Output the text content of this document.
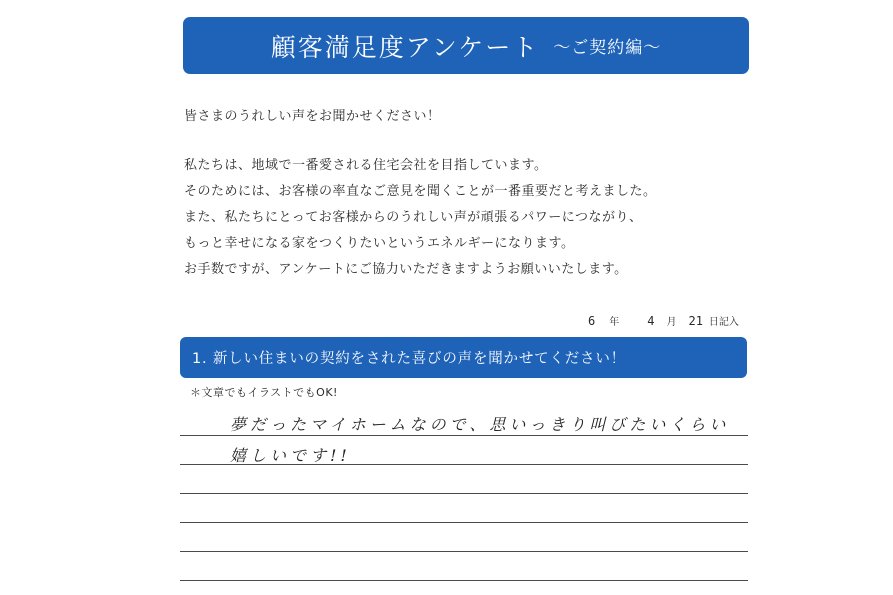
顧客満足度アンケート ～ご契約編～
皆さまのうれしい声をお聞かせください！
私たちは、地域で一番愛される住宅会社を目指しています。
そのためには、お客様の率直なご意見を聞くことが一番重要だと考えました。
また、私たちにとってお客様からのうれしい声が頑張るパワーにつながり、
もっと幸せになる家をつくりたいというエネルギーになります。
お手数ですが、アンケートにご協力いただきますようお願いいたします。
6 年 4 月 21 日記入
1. 新しい住まいの契約をされた喜びの声を聞かせてください！
＊文章でもイラストでもOK!
夢だったマイホームなので、思いっきり叫びたいくらい
嬉しいです!!
